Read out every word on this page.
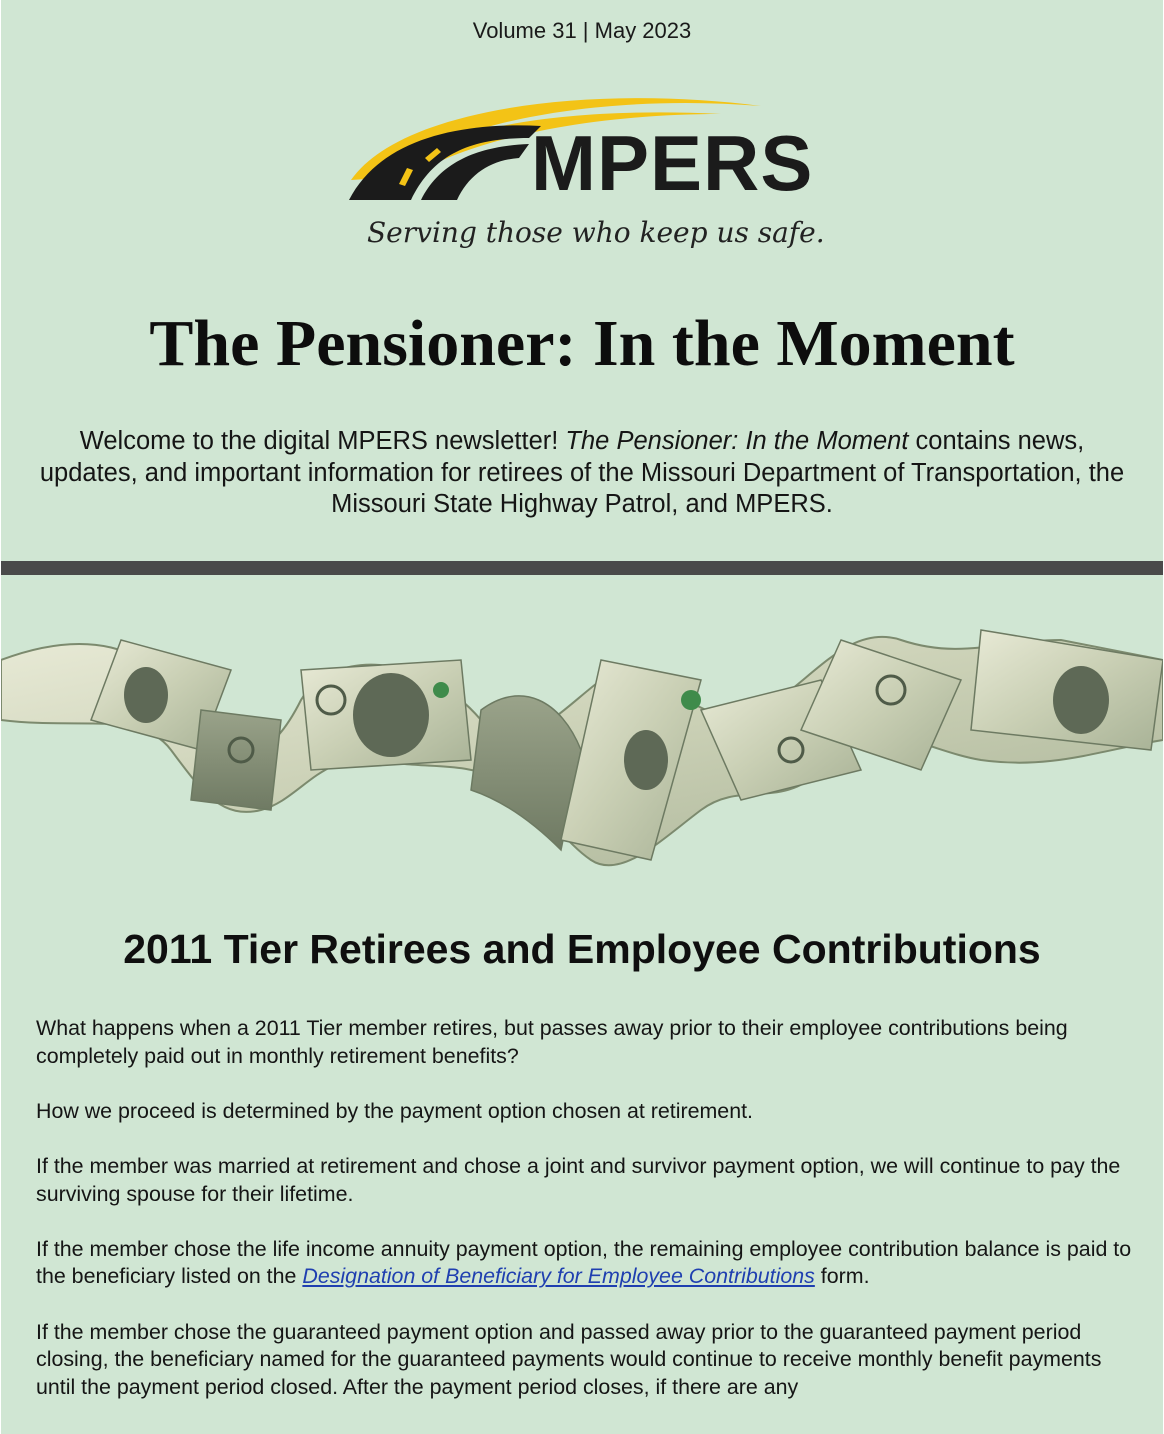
Volume 31 | May 2023
MPERS
Serving those who keep us safe.
The Pensioner: In the Moment
Welcome to the digital MPERS newsletter! The Pensioner: In the Moment contains news, updates, and important information for retirees of the Missouri Department of Transportation, the Missouri State Highway Patrol, and MPERS.
2011 Tier Retirees and Employee Contributions

What happens when a 2011 Tier member retires, but passes away prior to their employee contributions being completely paid out in monthly retirement benefits?

How we proceed is determined by the payment option chosen at retirement.

If the member was married at retirement and chose a joint and survivor payment option, we will continue to pay the surviving spouse for their lifetime.

If the member chose the life income annuity payment option, the remaining employee contribution balance is paid to the beneficiary listed on the Designation of Beneficiary for Employee Contributions form.

If the member chose the guaranteed payment option and passed away prior to the guaranteed payment period closing, the beneficiary named for the guaranteed payments would continue to receive monthly benefit payments until the payment period closed. After the payment period closes, if there are any
